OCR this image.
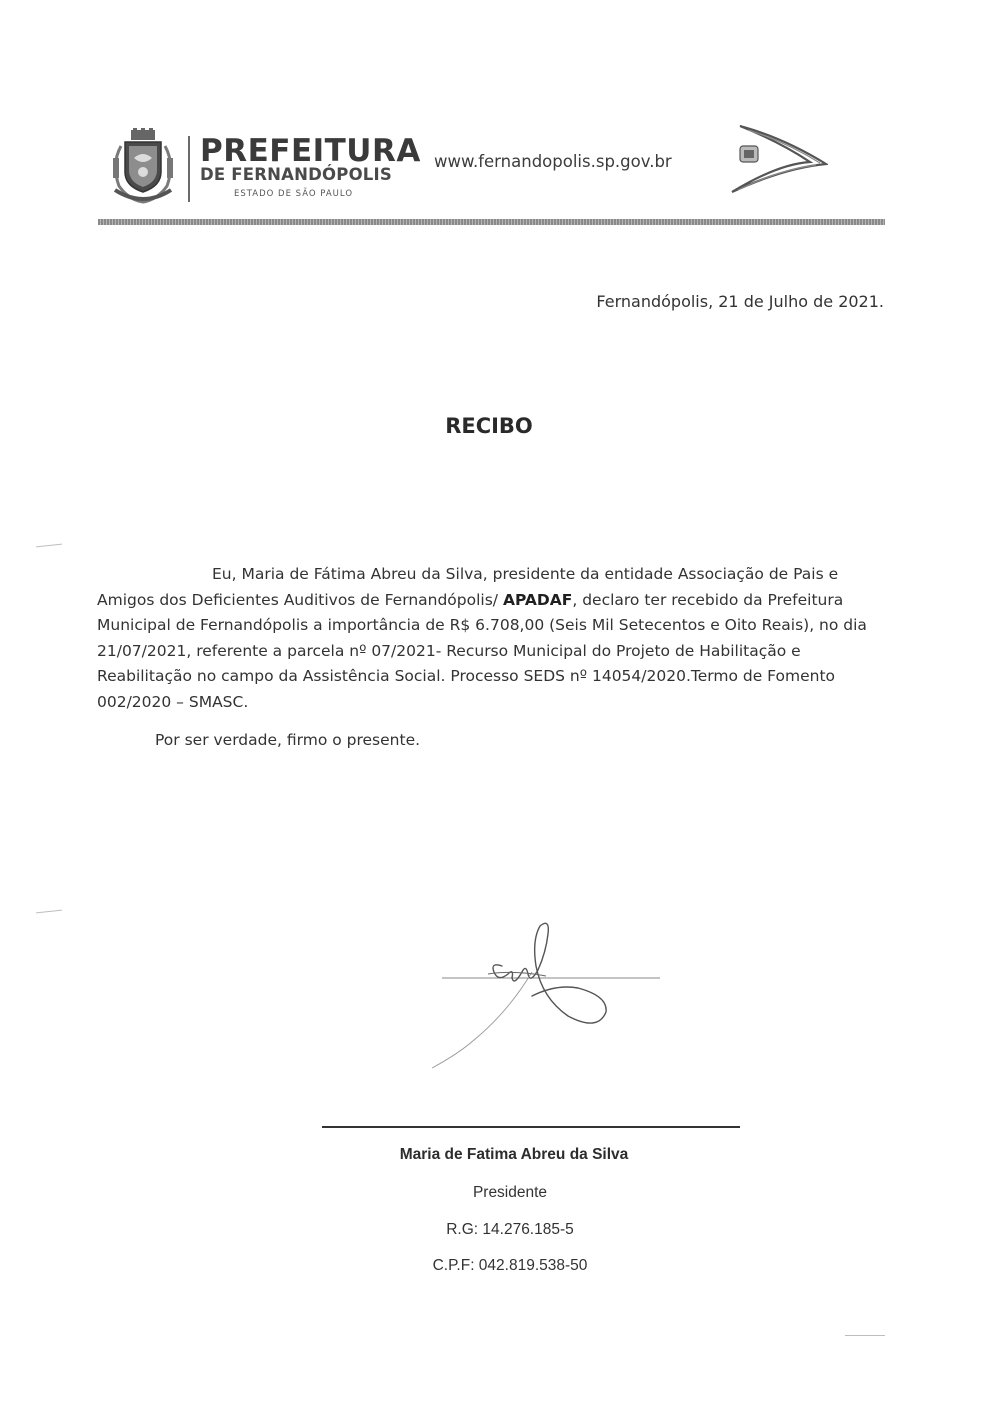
PREFEITURA
DE FERNANDÓPOLIS
ESTADO DE SÃO PAULO
www.fernandopolis.sp.gov.br
Fernandópolis, 21 de Julho de 2021.
RECIBO
Eu, Maria de Fátima Abreu da Silva, presidente da entidade Associação de Pais e Amigos dos Deficientes Auditivos de Fernandópolis/ APADAF, declaro ter recebido da Prefeitura Municipal de Fernandópolis a importância de R$ 6.708,00 (Seis Mil Setecentos e Oito Reais), no dia 21/07/2021, referente a parcela nº 07/2021- Recurso Municipal do Projeto de Habilitação e Reabilitação no campo da Assistência Social. Processo SEDS nº 14054/2020.Termo de Fomento 002/2020 – SMASC.
Por ser verdade, firmo o presente.
Maria de Fatima Abreu da Silva
Presidente
R.G: 14.276.185-5
C.P.F: 042.819.538-50
